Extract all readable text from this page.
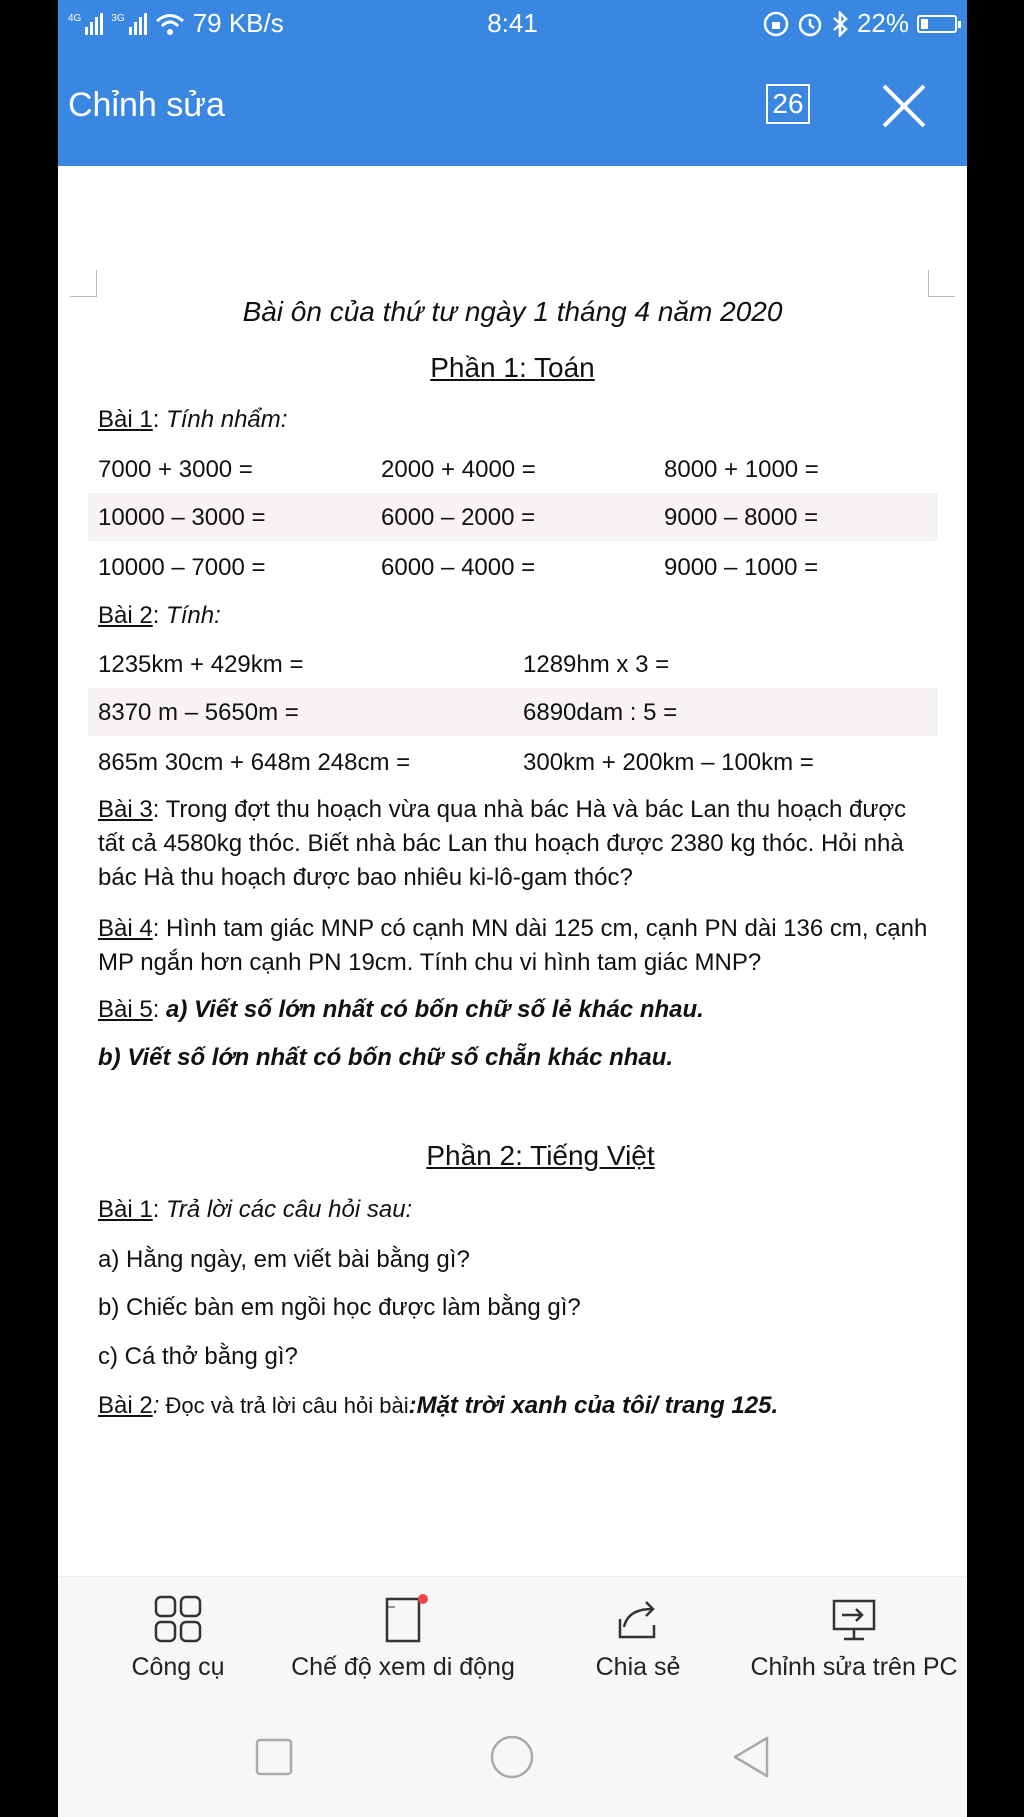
4G	3G	79 KB/s	8:41	22%
Chỉnh sửa	26
Bài ôn của thứ tư ngày 1 tháng 4 năm 2020
Phần 1: Toán
Bài 1: Tính nhẩm:
7000 + 3000 =	2000 + 4000 =	8000 + 1000 =
10000 – 3000 =	6000 – 2000 =	9000 – 8000 =
10000 – 7000 =	6000 – 4000 =	9000 – 1000 =
Bài 2: Tính:
1235km + 429km =	1289hm x 3 =
8370 m – 5650m =	6890dam : 5 =
865m 30cm + 648m 248cm =	300km + 200km – 100km =
Bài 3: Trong đợt thu hoạch vừa qua nhà bác Hà và bác Lan thu hoạch được tất cả 4580kg thóc. Biết nhà bác Lan thu hoạch được 2380 kg thóc. Hỏi nhà bác Hà thu hoạch được bao nhiêu ki-lô-gam thóc?
Bài 4: Hình tam giác MNP có cạnh MN dài 125 cm, cạnh PN dài 136 cm, cạnh MP ngắn hơn cạnh PN 19cm. Tính chu vi hình tam giác MNP?
Bài 5: a) Viết số lớn nhất có bốn chữ số lẻ khác nhau.
b) Viết số lớn nhất có bốn chữ số chẵn khác nhau.
Phần 2: Tiếng Việt
Bài 1: Trả lời các câu hỏi sau:
a) Hằng ngày, em viết bài bằng gì?
b) Chiếc bàn em ngồi học được làm bằng gì?
c) Cá thở bằng gì?
Bài 2: Đọc và trả lời câu hỏi bài:Mặt trời xanh của tôi/ trang 125.
Công cụ	Chế độ xem di động	Chia sẻ	Chỉnh sửa trên PC
